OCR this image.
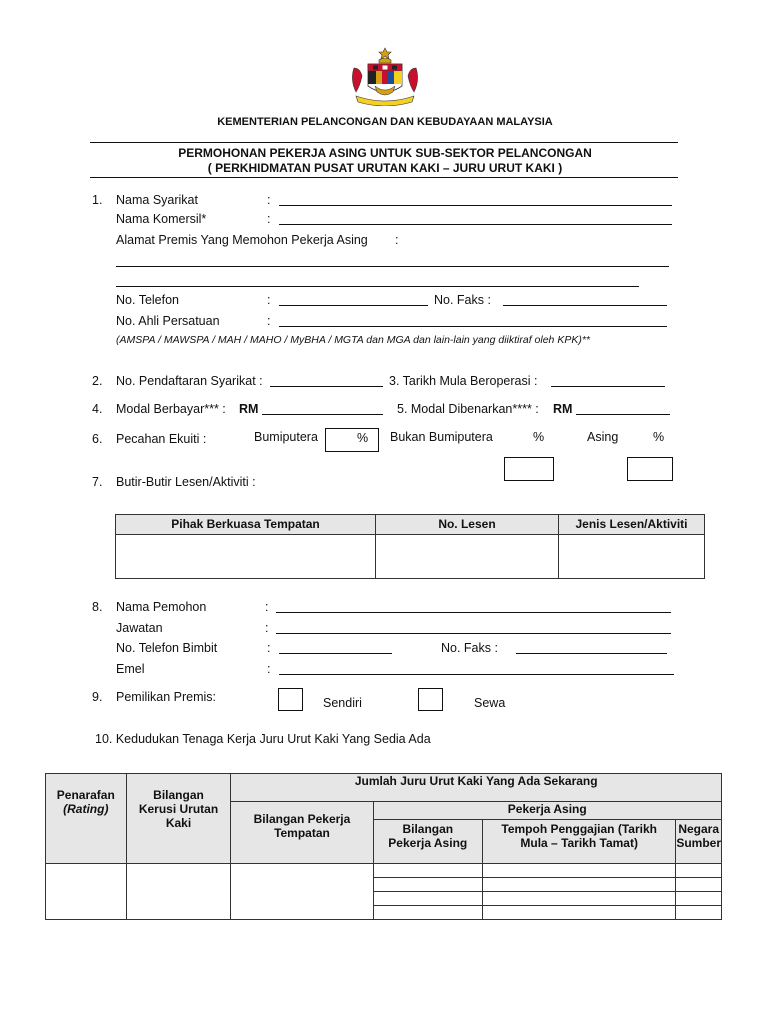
KEMENTERIAN PELANCONGAN DAN KEBUDAYAAN MALAYSIA
PERMOHONAN PEKERJA ASING UNTUK SUB-SEKTOR PELANCONGAN
( PERKHIDMATAN PUSAT URUTAN KAKI – JURU URUT KAKI )
1. Nama Syarikat	:
Nama Komersil*	:
Alamat Premis Yang Memohon Pekerja Asing :
No. Telefon	:	No. Faks :
No. Ahli Persatuan	:
(AMSPA / MAWSPA / MAH / MAHO / MyBHA / MGTA dan MGA dan lain-lain yang diiktiraf oleh KPK)**
2. No. Pendaftaran Syarikat :	3. Tarikh Mula Beroperasi :
4. Modal Berbayar*** : RM	5. Modal Dibenarkan**** : RM
6. Pecahan Ekuiti :	Bumiputera	% Bukan Bumiputera	%	Asing	%
7. Butir-Butir Lesen/Aktiviti :
Pihak Berkuasa Tempatan	No. Lesen	Jenis Lesen/Aktiviti

8. Nama Pemohon	:
Jawatan	:
No. Telefon Bimbit	:	No. Faks :
Emel	:
9. Pemilikan Premis:	Sendiri	Sewa
10. Kedudukan Tenaga Kerja Juru Urut Kaki Yang Sedia Ada
Penarafan
(Rating)	Bilangan Kerusi Urutan Kaki	Jumlah Juru Urut Kaki Yang Ada Sekarang			
		Bilangan Pekerja Tempatan	Pekerja Asing		
			Bilangan Pekerja Asing	Tempoh Penggajian (Tarikh Mula – Tarikh Tamat)	Negara Sumber
